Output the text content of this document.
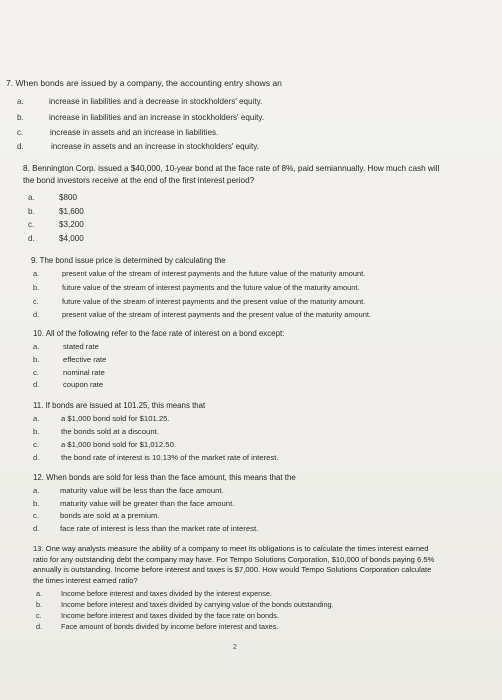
7. When bonds are issued by a company, the accounting entry shows an
a.	increase in liabilities and a decrease in stockholders' equity.
b.	increase in liabilities and an increase in stockholders' equity.
c.	increase in assets and an increase in liabilities.
d.	increase in assets and an increase in stockholders' equity.
8. Bennington Corp. issued a $40,000, 10-year bond at the face rate of 8%, paid semiannually. How much cash will the bond investors receive at the end of the first interest period?
a.	$800
b.	$1,600
c.	$3,200
d.	$4,000
9. The bond issue price is determined by calculating the
a.	present value of the stream of interest payments and the future value of the maturity amount.
b.	future value of the stream of interest payments and the future value of the maturity amount.
c.	future value of the stream of interest payments and the present value of the maturity amount.
d.	present value of the stream of interest payments and the present value of the maturity amount.
10. All of the following refer to the face rate of interest on a bond except:
a.	stated rate
b.	effective rate
c.	nominal rate
d.	coupon rate
11. If bonds are issued at 101.25, this means that
a.	a $1,000 bond sold for $101.25.
b.	the bonds sold at a discount.
c.	a $1,000 bond sold for $1,012.50.
d.	the bond rate of interest is 10.13% of the market rate of interest.
12. When bonds are sold for less than the face amount, this means that the
a.	maturity value will be less than the face amount.
b.	maturity value will be greater than the face amount.
c.	bonds are sold at a premium.
d.	face rate of interest is less than the market rate of interest.
13. One way analysts measure the ability of a company to meet its obligations is to calculate the times interest earned ratio for any outstanding debt the company may have. For Tempo Solutions Corporation, $10,000 of bonds paying 6.5% annually is outstanding. Income before interest and taxes is $7,000. How would Tempo Solutions Corporation calculate the times interest earned ratio?
a.	Income before interest and taxes divided by the interest expense.
b.	Income before interest and taxes divided by carrying value of the bonds outstanding.
c.	Income before interest and taxes divided by the face rate on bonds.
d.	Face amount of bonds divided by income before interest and taxes.
2
